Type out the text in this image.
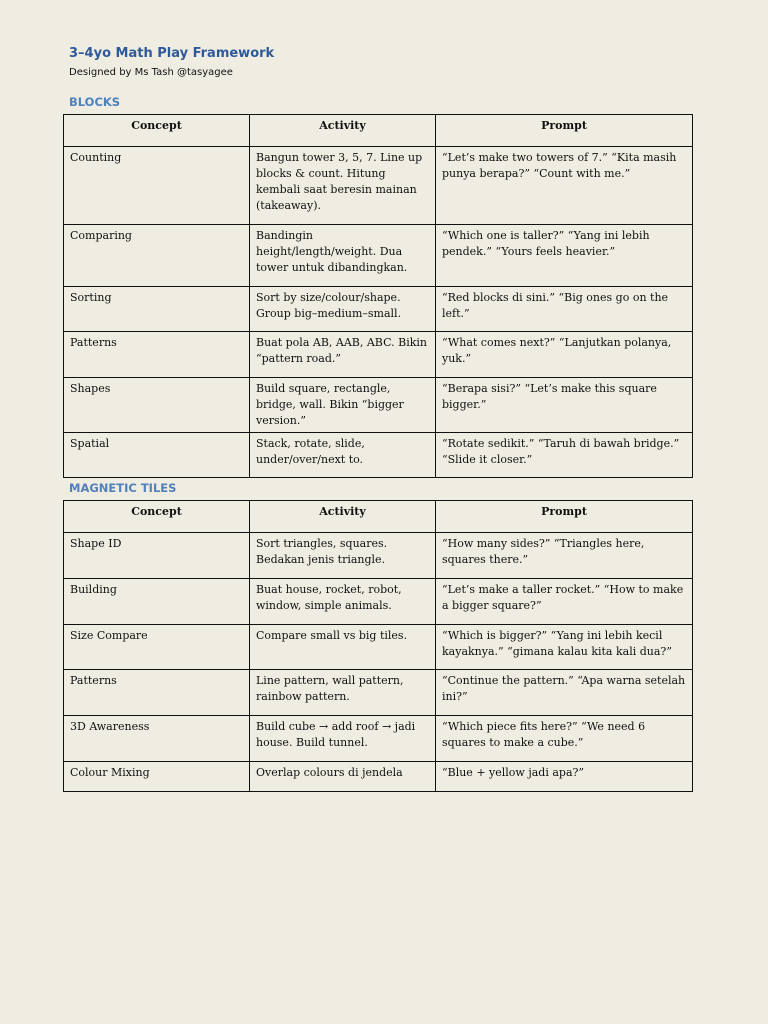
3–4yo Math Play Framework
Designed by Ms Tash @tasyagee
BLOCKS
Concept	Activity	Prompt
Counting	Bangun tower 3, 5, 7. Line up blocks & count. Hitung kembali saat beresin mainan (takeaway).	“Let’s make two towers of 7.” “Kita masih punya berapa?” “Count with me.”
Comparing	Bandingin height/length/weight. Dua tower untuk dibandingkan.	“Which one is taller?” “Yang ini lebih pendek.” “Yours feels heavier.”
Sorting	Sort by size/colour/shape. Group big–medium–small.	“Red blocks di sini.” “Big ones go on the left.”
Patterns	Buat pola AB, AAB, ABC. Bikin “pattern road.”	“What comes next?” “Lanjutkan polanya, yuk.”
Shapes	Build square, rectangle, bridge, wall. Bikin “bigger version.”	“Berapa sisi?” “Let’s make this square bigger.”
Spatial	Stack, rotate, slide, under/over/next to.	“Rotate sedikit.” “Taruh di bawah bridge.” “Slide it closer.”
MAGNETIC TILES
Concept	Activity	Prompt
Shape ID	Sort triangles, squares. Bedakan jenis triangle.	“How many sides?” “Triangles here, squares there.”
Building	Buat house, rocket, robot, window, simple animals.	“Let’s make a taller rocket.” “How to make a bigger square?”
Size Compare	Compare small vs big tiles.	“Which is bigger?” “Yang ini lebih kecil kayaknya.” “gimana kalau kita kali dua?”
Patterns	Line pattern, wall pattern, rainbow pattern.	“Continue the pattern.” “Apa warna setelah ini?”
3D Awareness	Build cube → add roof → jadi house. Build tunnel.	“Which piece fits here?” “We need 6 squares to make a cube.”
Colour Mixing	Overlap colours di jendela	“Blue + yellow jadi apa?”
